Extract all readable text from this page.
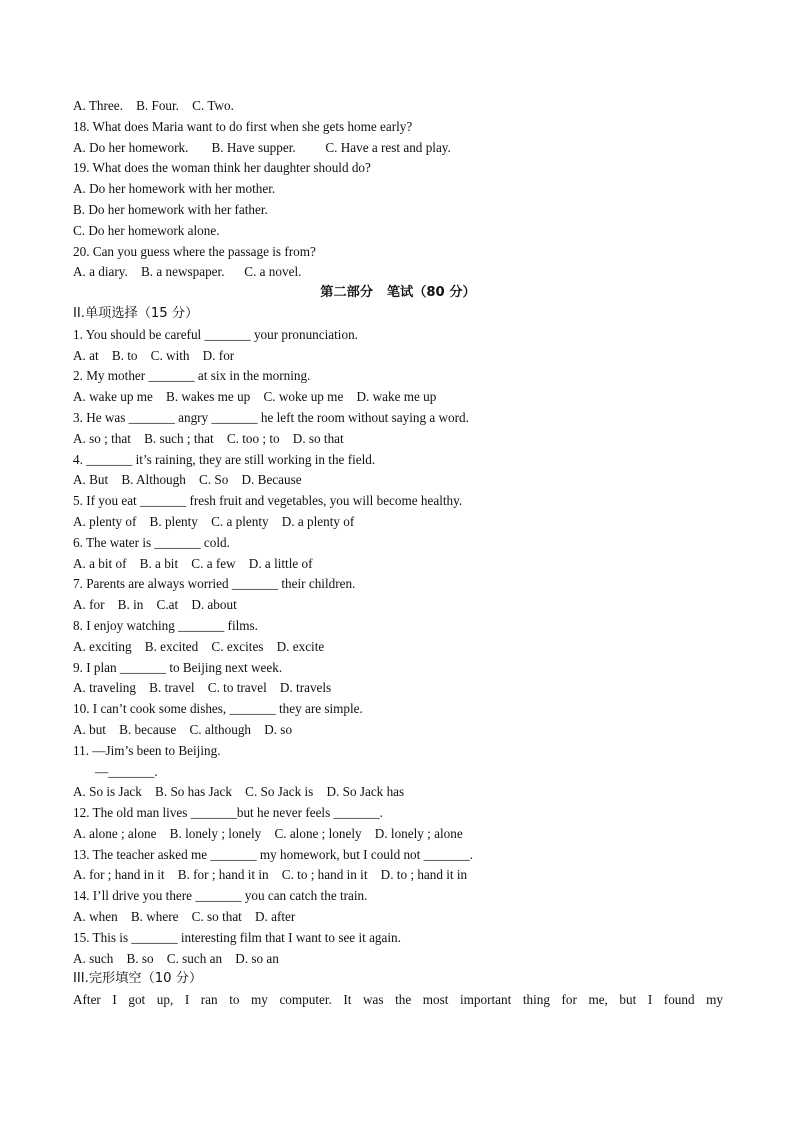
A. Three.    B. Four.    C. Two.
18. What does Maria want to do first when she gets home early?
A. Do her homework.       B. Have supper.         C. Have a rest and play.
19. What does the woman think her daughter should do?
A. Do her homework with her mother.
B. Do her homework with her father.
C. Do her homework alone.
20. Can you guess where the passage is from?
A. a diary.    B. a newspaper.      C. a novel.
第二部分   笔试（80 分）
II.单项选择（15 分）
1. You should be careful _______ your pronunciation.
A. at    B. to    C. with    D. for
2. My mother _______ at six in the morning.
A. wake up me    B. wakes me up    C. woke up me    D. wake me up
3. He was _______ angry _______ he left the room without saying a word.
A. so ; that    B. such ; that    C. too ; to    D. so that
4. _______ it’s raining, they are still working in the field.
A. But    B. Although    C. So    D. Because
5. If you eat _______ fresh fruit and vegetables, you will become healthy.
A. plenty of    B. plenty    C. a plenty    D. a plenty of
6. The water is _______ cold.
A. a bit of    B. a bit    C. a few    D. a little of
7. Parents are always worried _______ their children.
A. for    B. in    C.at    D. about
8. I enjoy watching _______ films.
A. exciting    B. excited    C. excites    D. excite
9. I plan _______ to Beijing next week.
A. traveling    B. travel    C. to travel    D. travels
10. I can’t cook some dishes, _______ they are simple.
A. but    B. because    C. although    D. so
11. —Jim’s been to Beijing.
—_______.
A. So is Jack    B. So has Jack    C. So Jack is    D. So Jack has
12. The old man lives _______but he never feels _______.
A. alone ; alone    B. lonely ; lonely    C. alone ; lonely    D. lonely ; alone
13. The teacher asked me _______ my homework, but I could not _______.
A. for ; hand in it    B. for ; hand it in    C. to ; hand in it    D. to ; hand it in
14. I’ll drive you there _______ you can catch the train.
A. when    B. where    C. so that    D. after
15. This is _______ interesting film that I want to see it again.
A. such    B. so    C. such an    D. so an
III.完形填空（10 分）
After I got up, I ran to my computer. It was the most important thing for me, but I found my
